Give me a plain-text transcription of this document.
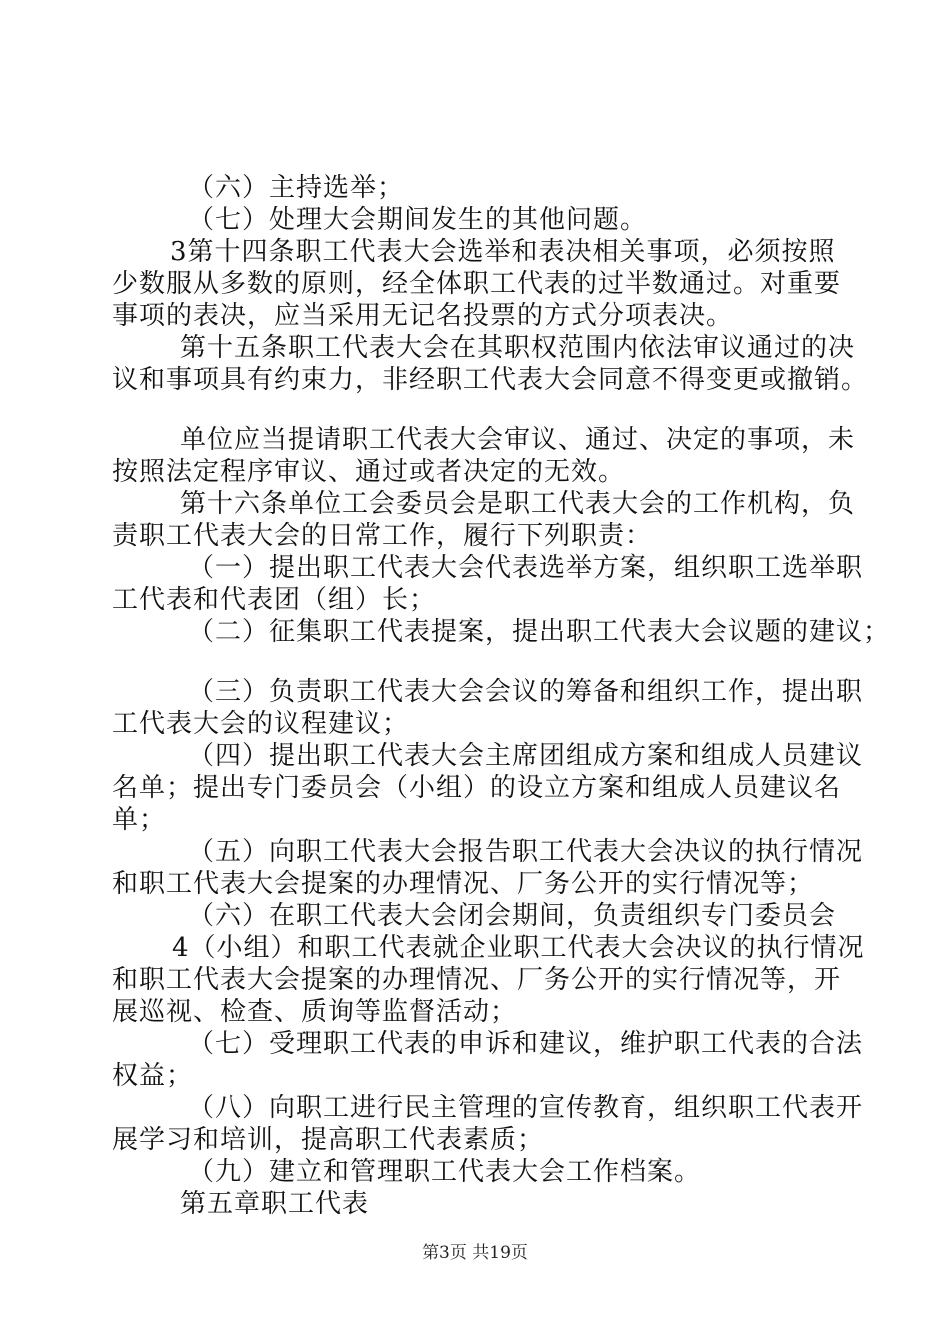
（六）主持选举；
（七）处理大会期间发生的其他问题。
3第十四条职工代表大会选举和表决相关事项，必须按照
少数服从多数的原则，经全体职工代表的过半数通过。对重要
事项的表决，应当采用无记名投票的方式分项表决。
第十五条职工代表大会在其职权范围内依法审议通过的决
议和事项具有约束力，非经职工代表大会同意不得变更或撤销。
单位应当提请职工代表大会审议、通过、决定的事项，未
按照法定程序审议、通过或者决定的无效。
第十六条单位工会委员会是职工代表大会的工作机构，负
责职工代表大会的日常工作，履行下列职责：
（一）提出职工代表大会代表选举方案，组织职工选举职
工代表和代表团（组）长；
（二）征集职工代表提案，提出职工代表大会议题的建议；
（三）负责职工代表大会会议的筹备和组织工作，提出职
工代表大会的议程建议；
（四）提出职工代表大会主席团组成方案和组成人员建议
名单；提出专门委员会（小组）的设立方案和组成人员建议名
单；
（五）向职工代表大会报告职工代表大会决议的执行情况
和职工代表大会提案的办理情况、厂务公开的实行情况等；
（六）在职工代表大会闭会期间，负责组织专门委员会
4（小组）和职工代表就企业职工代表大会决议的执行情况
和职工代表大会提案的办理情况、厂务公开的实行情况等，开
展巡视、检查、质询等监督活动；
（七）受理职工代表的申诉和建议，维护职工代表的合法
权益；
（八）向职工进行民主管理的宣传教育，组织职工代表开
展学习和培训，提高职工代表素质；
（九）建立和管理职工代表大会工作档案。
第五章职工代表
第3页 共19页
